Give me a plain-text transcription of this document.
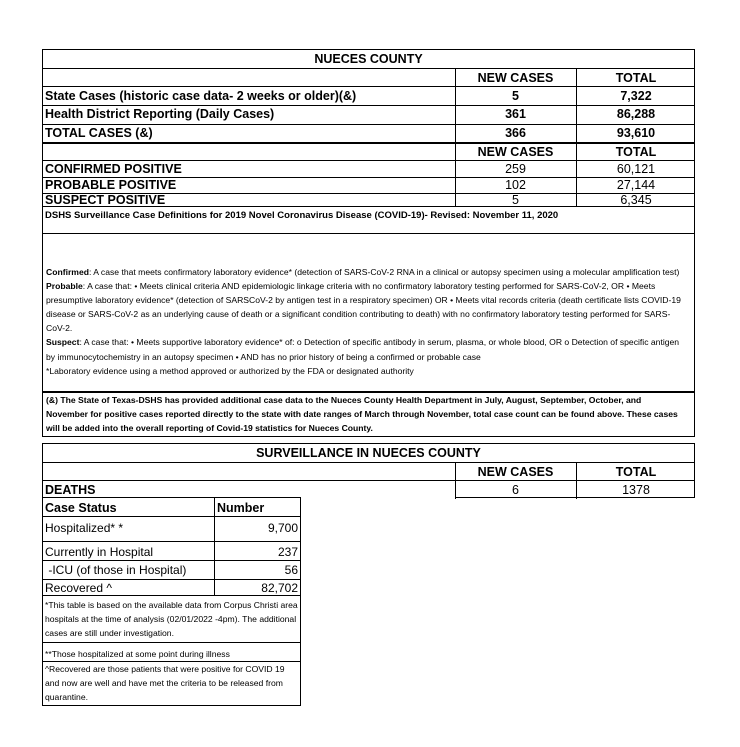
NUECES COUNTY
NEW CASES	TOTAL
State Cases (historic case data- 2 weeks or older)(&)	5	7,322
Health District Reporting (Daily Cases)	361	86,288
TOTAL CASES (&)	366	93,610
NEW CASES	TOTAL
CONFIRMED POSITIVE	259	60,121
PROBABLE POSITIVE	102	27,144
SUSPECT POSITIVE	5	6,345
DSHS Surveillance Case Definitions for 2019 Novel Coronavirus Disease (COVID-19)- Revised: November 11, 2020
Confirmed: A case that meets confirmatory laboratory evidence* (detection of SARS-CoV-2 RNA in a clinical or autopsy specimen using a molecular amplification test)
Probable: A case that: • Meets clinical criteria AND epidemiologic linkage criteria with no confirmatory laboratory testing performed for SARS-CoV-2, OR • Meets presumptive laboratory evidence* (detection of SARSCoV-2 by antigen test in a respiratory specimen) OR • Meets vital records criteria (death certificate lists COVID-19 disease or SARS-CoV-2 as an underlying cause of death or a significant condition contributing to death) with no confirmatory laboratory testing performed for SARS-CoV-2.
Suspect: A case that: • Meets supportive laboratory evidence* of: o Detection of specific antibody in serum, plasma, or whole blood, OR o Detection of specific antigen by immunocytochemistry in an autopsy specimen • AND has no prior history of being a confirmed or probable case
*Laboratory evidence using a method approved or authorized by the FDA or designated authority
(&) The State of Texas-DSHS has provided additional case data to the Nueces County Health Department in July, August, September, October, and November for positive cases reported directly to the state with date ranges of March through November, total case count can be found above. These cases will be added into the overall reporting of Covid-19 statistics for Nueces County.
SURVEILLANCE IN NUECES COUNTY
NEW CASES	TOTAL
DEATHS	6	1378
Case Status	Number
Hospitalized* *	9,700
Currently in Hospital	237
-ICU (of those in Hospital)	56
Recovered ^	82,702
*This table is based on the available data from Corpus Christi area hospitals at the time of analysis (02/01/2022 -4pm). The additional cases are still under investigation.
**Those hospitalized at some point during illness
^Recovered are those patients that were positive for COVID 19 and now are well and have met the criteria to be released from quarantine.
